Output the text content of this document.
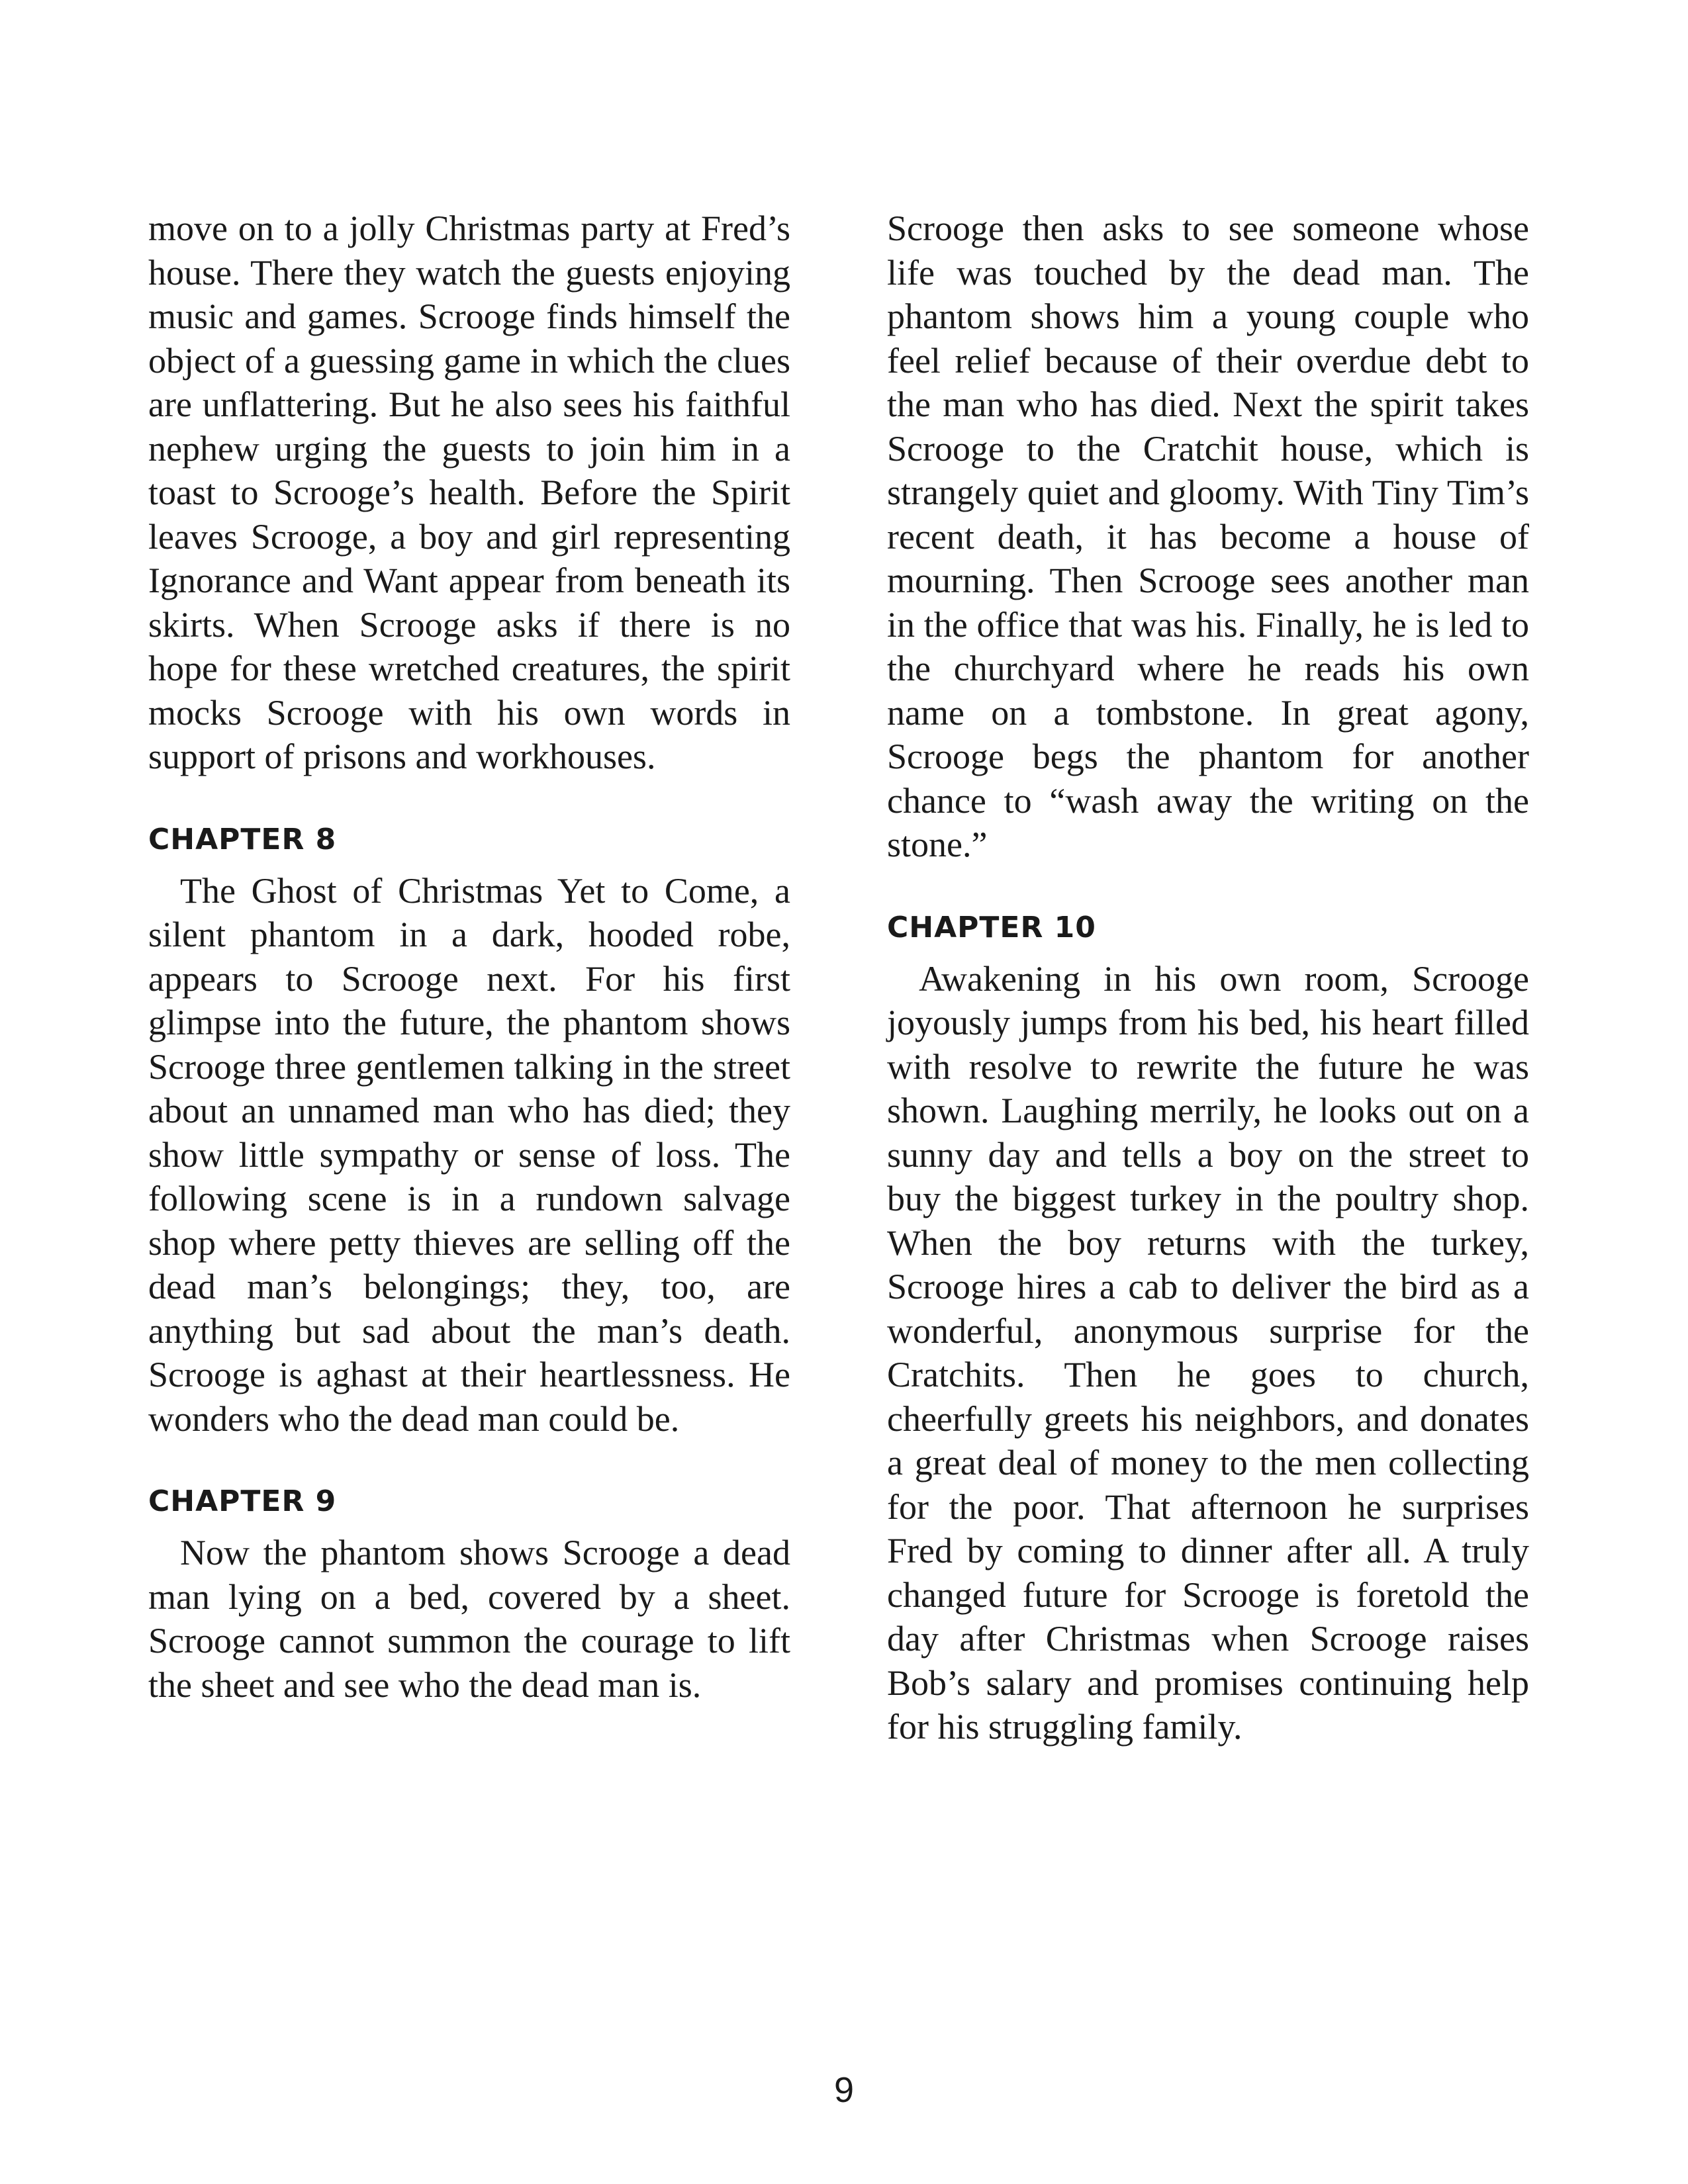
move on to a jolly Christmas party at Fred’s house. There they watch the guests enjoying music and games. Scrooge finds himself the object of a guessing game in which the clues are unflattering. But he also sees his faithful nephew urging the guests to join him in a toast to Scrooge’s health. Before the Spirit leaves Scrooge, a boy and girl representing Ignorance and Want appear from beneath its skirts. When Scrooge asks if there is no hope for these wretched creatures, the spirit mocks Scrooge with his own words in support of prisons and workhouses.

CHAPTER 8

The Ghost of Christmas Yet to Come, a silent phantom in a dark, hooded robe, appears to Scrooge next. For his first glimpse into the future, the phantom shows Scrooge three gentlemen talking in the street about an unnamed man who has died; they show little sympathy or sense of loss. The following scene is in a rundown salvage shop where petty thieves are selling off the dead man’s belongings; they, too, are anything but sad about the man’s death. Scrooge is aghast at their heartlessness. He wonders who the dead man could be.

CHAPTER 9

Now the phantom shows Scrooge a dead man lying on a bed, covered by a sheet. Scrooge cannot summon the courage to lift the sheet and see who the dead man is.

Scrooge then asks to see someone whose life was touched by the dead man. The phantom shows him a young couple who feel relief because of their overdue debt to the man who has died. Next the spirit takes Scrooge to the Cratchit house, which is strangely quiet and gloomy. With Tiny Tim’s recent death, it has become a house of mourning. Then Scrooge sees another man in the office that was his. Finally, he is led to the churchyard where he reads his own name on a tombstone. In great agony, Scrooge begs the phantom for another chance to “wash away the writing on the stone.”

CHAPTER 10

Awakening in his own room, Scrooge joyously jumps from his bed, his heart filled with resolve to rewrite the future he was shown. Laughing merrily, he looks out on a sunny day and tells a boy on the street to buy the biggest turkey in the poultry shop. When the boy returns with the turkey, Scrooge hires a cab to deliver the bird as a wonderful, anonymous surprise for the Cratchits. Then he goes to church, cheerfully greets his neighbors, and donates a great deal of money to the men collecting for the poor. That afternoon he surprises Fred by coming to dinner after all. A truly changed future for Scrooge is foretold the day after Christmas when Scrooge raises Bob’s salary and promises continuing help for his struggling family.

9
